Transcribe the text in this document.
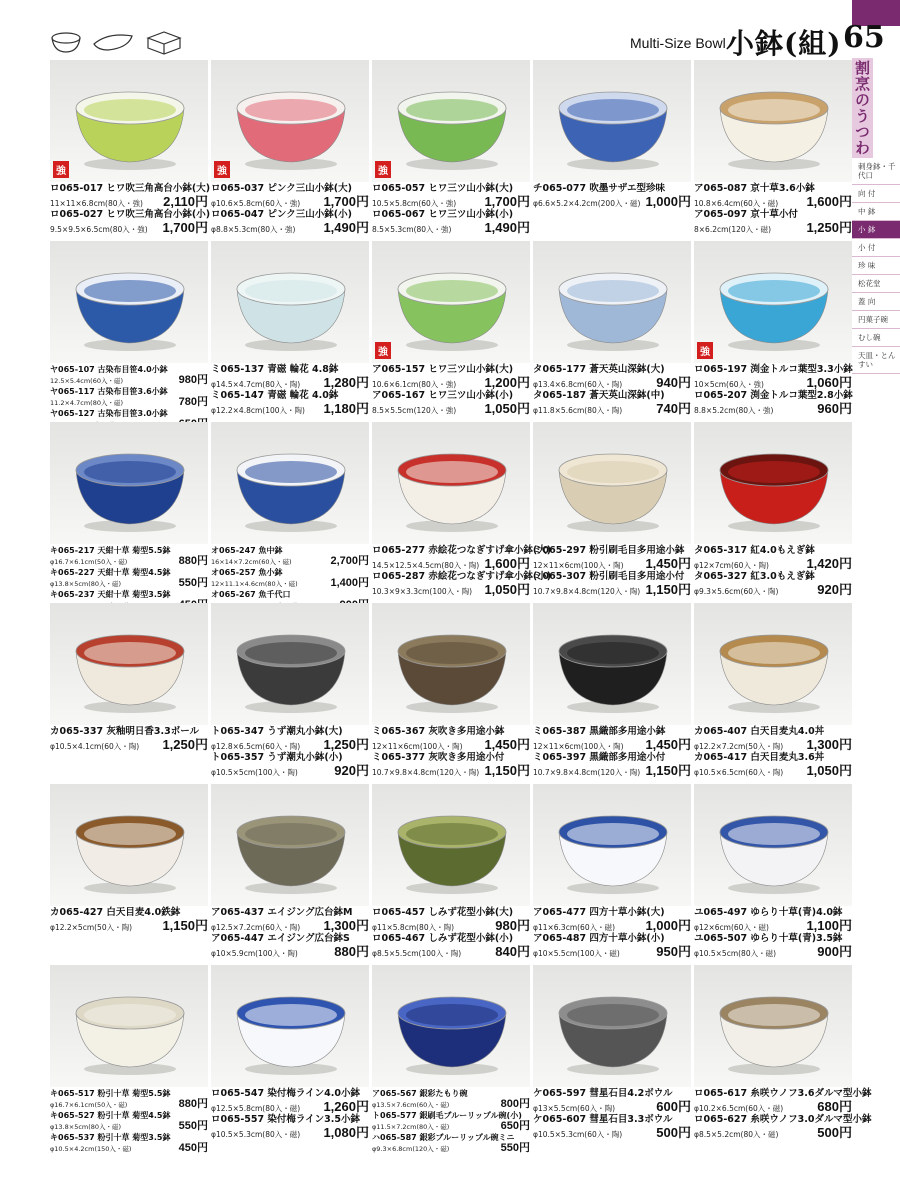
Multi-Size Bowl 小鉢(組) 65
割烹のうつわ
刺身鉢・千代口
向 付
中 鉢
小 鉢
小 付
珍 味
松花堂
蓋 向
円菓子碗
むし碗
天皿・とんすい
強
ロ065-017 ヒワ吹三角高台小鉢(大)
11×11×6.8cm(80入・強) 2,110円
ロ065-027 ヒワ吹三角高台小鉢(小)
9.5×9.5×6.5cm(80入・強) 1,700円
強
ロ065-037 ピンク三山小鉢(大)
φ10.6×5.8cm(60入・強) 1,700円
ロ065-047 ピンク三山小鉢(小)
φ8.8×5.3cm(80入・強) 1,490円
強
ロ065-057 ヒワ三ツ山小鉢(大)
10.5×5.8cm(60入・強) 1,700円
ロ065-067 ヒワ三ツ山小鉢(小)
8.5×5.3cm(80入・強)	1,490円
チ065-077 吹墨サザエ型珍味
φ6.6×5.2×4.2cm(200入・磁) 1,000円
ア065-087 京十草3.6小鉢
10.8×6.4cm(60入・磁) 1,600円
ア065-097 京十草小付
8×6.2cm(120入・磁)	1,250円
ヤ065-107 古染布目笹4.0小鉢
12.5×5.4cm(60入・磁)	980円
ヤ065-117 古染布目笹3.6小鉢
11.2×4.7cm(80入・磁)	780円
ヤ065-127 古染布目笹3.0小鉢
ミ065-137 青磁 輪花 4.8鉢
φ14.5×4.7cm(80入・陶) 1,280円
ミ065-147 青磁 輪花 4.0鉢
φ12.2×4.8cm(100入・陶) 1,180円
強
ア065-157 ヒワ三ツ山小鉢(大)
10.6×6.1cm(80入・強) 1,200円
ア065-167 ヒワ三ツ山小鉢(小)
8.5×5.5cm(120入・強) 1,050円
タ065-177 蒼天英山深鉢(大)
φ13.4×6.8cm(60入・陶)	940円
タ065-187 蒼天英山深鉢(中)
φ11.8×5.6cm(80入・陶)	740円
強
ロ065-197 渕金トルコ葉型3.3小鉢
10×5cm(60入・強)	1,060円
ロ065-207 渕金トルコ葉型2.8小鉢
8.8×5.2cm(80入・強)	960円
キ065-217 天紺十草 菊型5.5鉢
φ16.7×6.1cm(50入・磁)	880円
キ065-227 天紺十草 菊型4.5鉢
φ13.8×5cm(80入・磁)	550円
キ065-237 天紺十草 菊型3.5鉢
オ065-247 魚中鉢
16×14×7.2cm(60入・磁)	2,700円
オ065-257 魚小鉢
12×11.1×4.6cm(80入・磁)	1,400円
オ065-267 魚千代口
ロ065-277 赤絵花つなぎすげ傘小鉢(大)
14.5×12.5×4.5cm(80入・陶) 1,600円
ロ065-287 赤絵花つなぎすげ傘小鉢(小)
10.3×9×3.3cm(100入・陶) 1,050円
ミ065-297 粉引刷毛目多用途小鉢
12×11×6cm(100入・陶) 1,450円
ミ065-307 粉引刷毛目多用途小付
10.7×9.8×4.8cm(120入・陶) 1,150円
タ065-317 紅4.0もえぎ鉢
φ12×7cm(60入・陶)	1,420円
タ065-327 紅3.0もえぎ鉢
φ9.3×5.6cm(60入・陶)	920円
カ065-337 灰釉明日香3.3ボール
φ10.5×4.1cm(60入・陶) 1,250円
ト065-347 うず潮丸小鉢(大)
φ12.8×6.5cm(60入・陶) 1,250円
ト065-357 うず潮丸小鉢(小)
φ10.5×5cm(100入・陶)	920円
ミ065-367 灰吹き多用途小鉢
12×11×6cm(100入・陶) 1,450円
ミ065-377 灰吹き多用途小付
10.7×9.8×4.8cm(120入・陶) 1,150円
ミ065-387 黒織部多用途小鉢
12×11×6cm(100入・陶) 1,450円
ミ065-397 黒織部多用途小付
10.7×9.8×4.8cm(120入・陶) 1,150円
カ065-407 白天目麦丸4.0丼
φ12.2×7.2cm(50入・陶) 1,300円
カ065-417 白天目麦丸3.6丼
φ10.5×6.5cm(60入・陶) 1,050円
カ065-427 白天目麦4.0鉄鉢
φ12.2×5cm(50入・陶) 1,150円
ア065-437 エイジング広台鉢M
φ12.5×7.2cm(60入・陶) 1,300円
ア065-447 エイジング広台鉢S
φ10×5.9cm(100入・陶)	880円
ロ065-457 しみず花型小鉢(大)
φ11×5.8cm(80入・陶)	980円
ロ065-467 しみず花型小鉢(小)
φ8.5×5.5cm(100入・陶)	840円
ア065-477 四方十草小鉢(大)
φ11×6.3cm(60入・磁) 1,000円
ア065-487 四方十草小鉢(小)
φ10×5.5cm(100入・磁)	950円
ユ065-497 ゆらり十草(青)4.0鉢
φ12×6cm(60入・磁)	1,100円
ユ065-507 ゆらり十草(青)3.5鉢
φ10.5×5cm(80入・磁)	900円
キ065-517 粉引十草 菊型5.5鉢
φ16.7×6.1cm(50入・磁)	880円
キ065-527 粉引十草 菊型4.5鉢
φ13.8×5cm(80入・磁)	550円
キ065-537 粉引十草 菊型3.5鉢
φ10.5×4.2cm(150入・磁)	450円
ロ065-547 染付梅ライン4.0小鉢
φ12.5×5.8cm(80入・磁) 1,260円
ロ065-557 染付梅ライン3.5小鉢
φ10.5×5.3cm(80入・磁) 1,080円
ア065-567 銀彩たもり碗
φ13.5×7.6cm(60入・磁)	800円
ト065-577 銀刷毛ブルーリップル碗(小)
φ11.5×7.2cm(80入・磁)	650円
ハ065-587 銀彩ブルーリップル碗ミニ
φ9.3×6.8cm(120入・磁)	550円
ケ065-597 彗星石目4.2ボウル
φ13×5.5cm(60入・陶)	600円
ケ065-607 彗星石目3.3ボウル
φ10.5×5.3cm(60入・陶)	500円
ロ065-617 糸咲ウノフ3.6ダルマ型小鉢
φ10.2×6.5cm(60入・磁)	680円
ロ065-627 糸咲ウノフ3.0ダルマ型小鉢
φ8.5×5.2cm(80入・磁)	500円
